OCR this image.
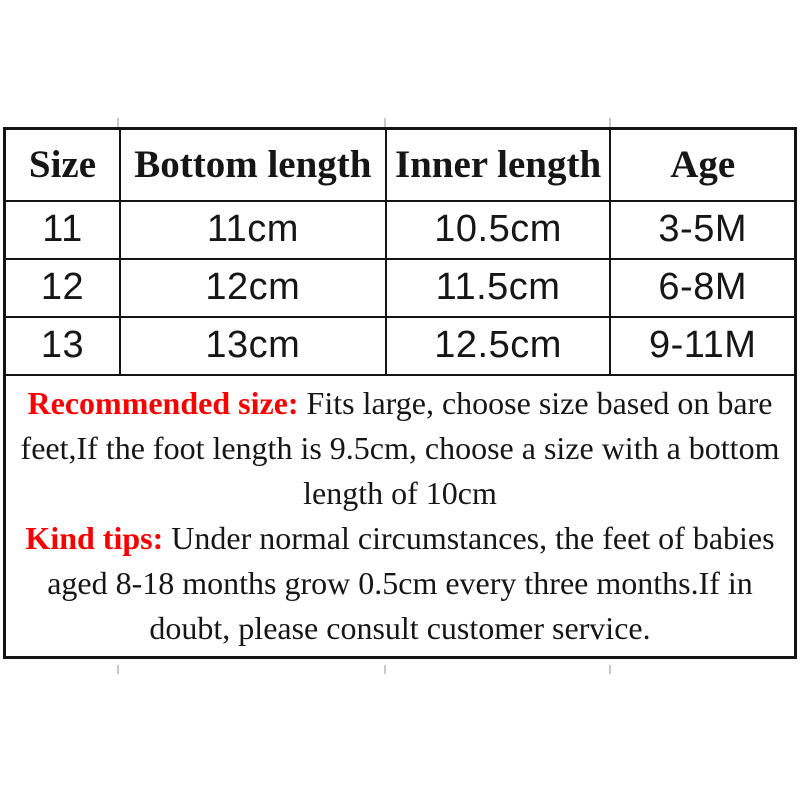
Size	Bottom length	Inner length	Age
11	11cm	10.5cm	3-5M
12	12cm	11.5cm	6-8M
13	13cm	12.5cm	9-11M

Recommended size: Fits large, choose size based on bare feet,If the foot length is 9.5cm, choose a size with a bottom length of 10cm

Kind tips: Under normal circumstances, the feet of babies aged 8-18 months grow 0.5cm every three months.If in doubt, please consult customer service.			
